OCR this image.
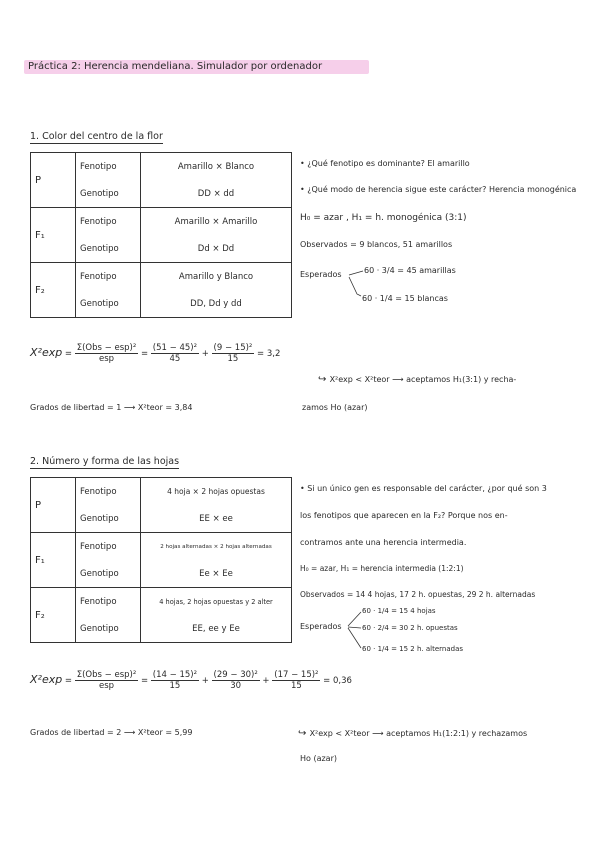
Práctica 2: Herencia mendeliana. Simulador por ordenador
1. Color del centro de la flor
P	Fenotipo	Amarillo × Blanco
	Genotipo	DD × dd
F₁	Fenotipo	Amarillo × Amarillo
	Genotipo	Dd × Dd
F₂	Fenotipo	Amarillo y Blanco
	Genotipo	DD, Dd y dd
• ¿Qué fenotipo es dominante? El amarillo
• ¿Qué modo de herencia sigue este carácter? Herencia monogénica
H₀ = azar , H₁ = h. monogénica (3:1)
Observados = 9 blancos, 51 amarillos
Esperados	60 · 3/4 = 45 amarillas
60 · 1/4 = 15 blancas
$X^2\exp = \frac{\text{Σ(Obs − esp)²}}{\text{esp}} = \frac{\text{(51 − 45)²}}{45} + \frac{\text{(9 − 15)²}}{15} = 3,2$
Grados de libertad = 1 ⟶ X²teor = 3,84
↪ X²exp < X²teor ⟶ aceptamos H₁(3:1) y recha-
zamos Ho (azar)
2. Número y forma de las hojas
P	Fenotipo	4 hoja × 2 hojas opuestas
	Genotipo	EE × ee
F₁	Fenotipo	2 hojas alternadas × 2 hojas alternadas
	Genotipo	Ee × Ee
F₂	Fenotipo	4 hojas, 2 hojas opuestas y 2 alter
	Genotipo	EE, ee y Ee
• Si un único gen es responsable del carácter, ¿por qué son 3
los fenotipos que aparecen en la F₂? Porque nos en-
contramos ante una herencia intermedia.
H₀ = azar, H₁ = herencia intermedia (1:2:1)
Observados = 14 4 hojas, 17 2 h. opuestas, 29 2 h. alternadas
Esperados
60 · 1/4 = 15 4 hojas
60 · 2/4 = 30 2 h. opuestas
60 · 1/4 = 15 2 h. alternadas
$X^2\exp = \frac{\text{Σ(Obs − esp)²}}{\text{esp}} = \frac{\text{(14 − 15)²}}{15} + \frac{\text{(29 − 30)²}}{30} + \frac{\text{(17 − 15)²}}{15} = 0,36$
Grados de libertad = 2 ⟶ X²teor = 5,99	↪ X²exp < X²teor ⟶ aceptamos H₁(1:2:1) y rechazamos
Ho (azar)
